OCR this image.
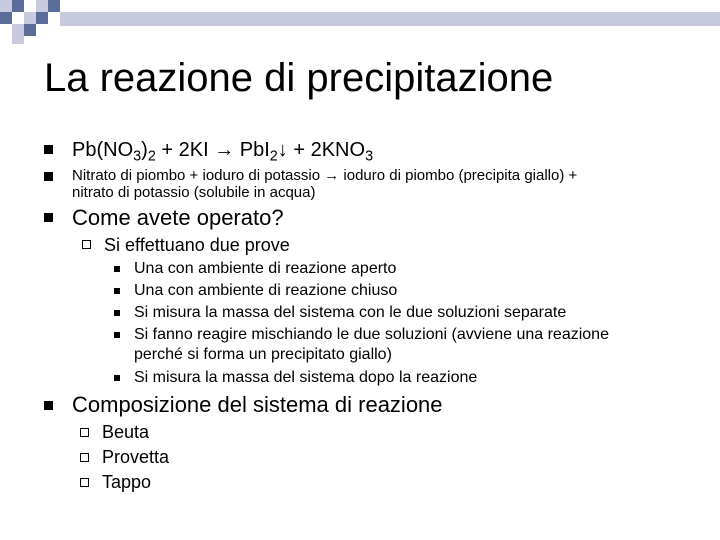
La reazione di precipitazione
$Pb(NO_3)_2 + 2KI$ → PbI$_2$↓ + $2KNO_3$
Nitrato di piombo + ioduro di potassio → ioduro di piombo (precipita giallo) +
nitrato di potassio (solubile in acqua)
Come avete operato?
Si effettuano due prove
Una con ambiente di reazione aperto
Una con ambiente di reazione chiuso
Si misura la massa del sistema con le due soluzioni separate
Si fanno reagire mischiando le due soluzioni (avviene una reazione
perché si forma un precipitato giallo)
Si misura la massa del sistema dopo la reazione
Composizione del sistema di reazione
Beuta
Provetta
Tappo
